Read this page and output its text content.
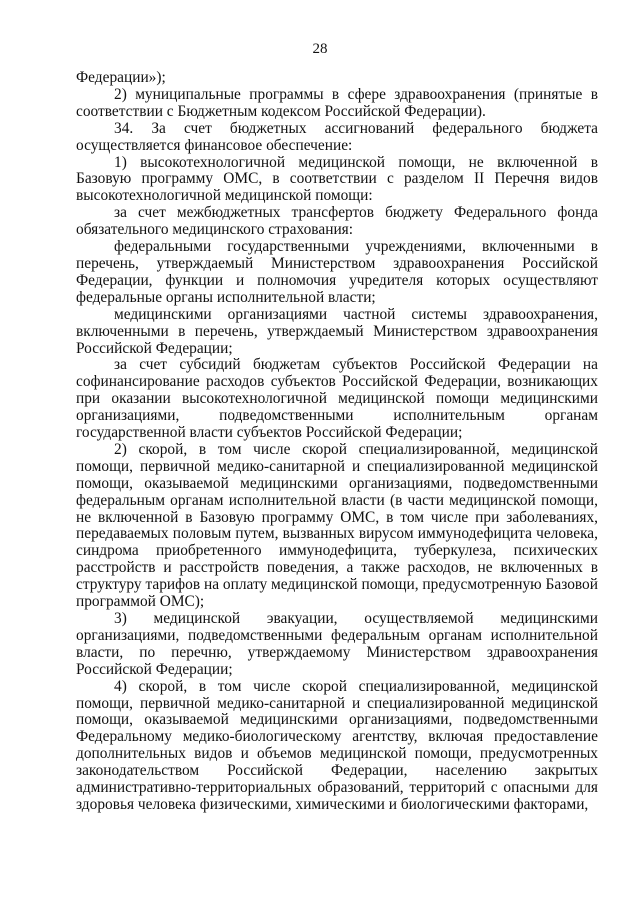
28

Федерации»);

2) муниципальные программы в сфере здравоохранения (принятые в соответствии с Бюджетным кодексом Российской Федерации).

34. За счет бюджетных ассигнований федерального бюджета осуществляется финансовое обеспечение:

1) высокотехнологичной медицинской помощи, не включенной в Базовую программу ОМС, в соответствии с разделом II Перечня видов высокотехнологичной медицинской помощи:

за счет межбюджетных трансфертов бюджету Федерального фонда обязательного медицинского страхования:

федеральными государственными учреждениями, включенными в перечень, утверждаемый Министерством здравоохранения Российской Федерации, функции и полномочия учредителя которых осуществляют федеральные органы исполнительной власти;

медицинскими организациями частной системы здравоохранения, включенными в перечень, утверждаемый Министерством здравоохранения Российской Федерации;

за счет субсидий бюджетам субъектов Российской Федерации на софинансирование расходов субъектов Российской Федерации, возникающих при оказании высокотехнологичной медицинской помощи медицинскими организациями, подведомственными исполнительным органам государственной власти субъектов Российской Федерации;

2) скорой, в том числе скорой специализированной, медицинской помощи, первичной медико-санитарной и специализированной медицинской помощи, оказываемой медицинскими организациями, подведомственными федеральным органам исполнительной власти (в части медицинской помощи, не включенной в Базовую программу ОМС, в том числе при заболеваниях, передаваемых половым путем, вызванных вирусом иммунодефицита человека, синдрома приобретенного иммунодефицита, туберкулеза, психических расстройств и расстройств поведения, а также расходов, не включенных в структуру тарифов на оплату медицинской помощи, предусмотренную Базовой программой ОМС);

3) медицинской эвакуации, осуществляемой медицинскими организациями, подведомственными федеральным органам исполнительной власти, по перечню, утверждаемому Министерством здравоохранения Российской Федерации;

4) скорой, в том числе скорой специализированной, медицинской помощи, первичной медико-санитарной и специализированной медицинской помощи, оказываемой медицинскими организациями, подведомственными Федеральному медико-биологическому агентству, включая предоставление дополнительных видов и объемов медицинской помощи, предусмотренных законодательством Российской Федерации, населению закрытых административно-территориальных образований, территорий с опасными для здоровья человека физическими, химическими и биологическими факторами,
